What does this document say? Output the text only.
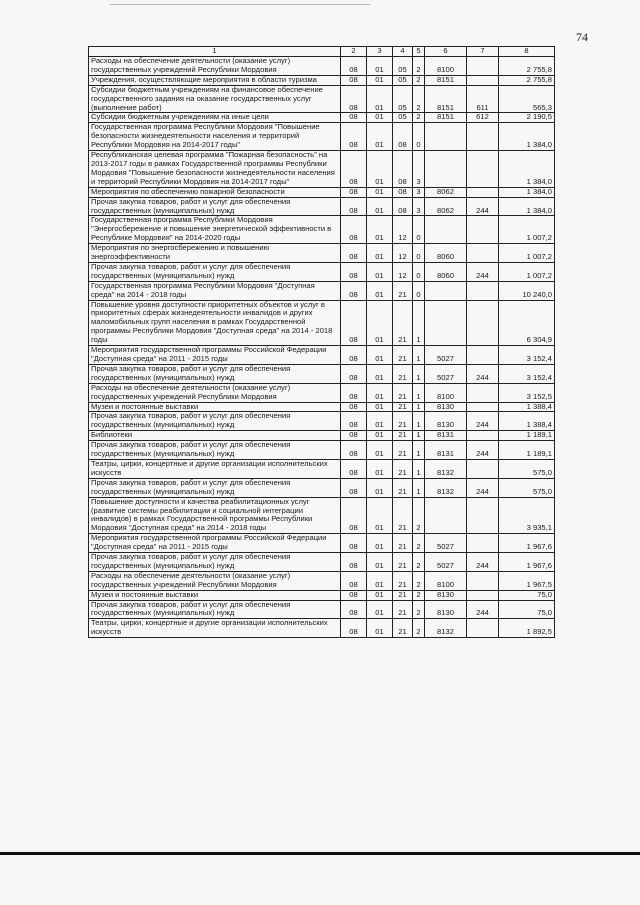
74
1	2	3	4	5	6	7	8
Расходы на обеспечение деятельности (оказание услуг) государственных учреждений Республики Мордовия	08	01	05	2	8100		2 755,8
Учреждения, осуществляющие мероприятия в области туризма	08	01	05	2	8151		2 755,8
Субсидии бюджетным учреждениям на финансовое обеспечение государственного задания на оказание государственных услуг (выполнение работ)	08	01	05	2	8151	611	565,3
Субсидии бюджетным учреждениям на иные цели	08	01	05	2	8151	612	2 190,5
Государственная программа Республики Мордовия "Повышение безопасности жизнедеятельности населения и территорий Республики Мордовия на 2014-2017 годы"	08	01	08	0			1 384,0
Республиканская целевая программа "Пожарная безопасность" на 2013-2017 годы в рамках Государственной программы Республики Мордовия "Повышение безопасности жизнедеятельности населения и территорий Республики Мордовия на 2014-2017 годы"	08	01	08	3			1 384,0
Мероприятия по обеспечению пожарной безопасности	08	01	08	3	8062		1 384,0
Прочая закупка товаров, работ и услуг для обеспечения государственных (муниципальных) нужд	08	01	08	3	8062	244	1 384,0
Государственная программа Республики Мордовия "Энергосбережение и повышение энергетической эффективности в Республике Мордовия" на 2014-2020 годы	08	01	12	0			1 007,2
Мероприятия по энергосбережению и повышению энергоэффективности	08	01	12	0	8060		1 007,2
Прочая закупка товаров, работ и услуг для обеспечения государственных (муниципальных) нужд	08	01	12	0	8060	244	1 007,2
Государственная программа Республики Мордовия "Доступная среда" на 2014 - 2018 годы	08	01	21	0			10 240,0
Повышение уровня доступности приоритетных объектов и услуг в приоритетных сферах жизнедеятельности инвалидов и других маломобильных групп населения в рамках Государственной программы Республики Мордовия "Доступная среда" на 2014 - 2018 годы	08	01	21	1			6 304,9
Мероприятия государственной программы Российской Федерации "Доступная среда" на 2011 - 2015 годы	08	01	21	1	5027		3 152,4
Прочая закупка товаров, работ и услуг для обеспечения государственных (муниципальных) нужд	08	01	21	1	5027	244	3 152,4
Расходы на обеспечение деятельности (оказание услуг) государственных учреждений Республики Мордовия	08	01	21	1	8100		3 152,5
Музеи и постоянные выставки	08	01	21	1	8130		1 388,4
Прочая закупка товаров, работ и услуг для обеспечения государственных (муниципальных) нужд	08	01	21	1	8130	244	1 388,4
Библиотеки	08	01	21	1	8131		1 189,1
Прочая закупка товаров, работ и услуг для обеспечения государственных (муниципальных) нужд	08	01	21	1	8131	244	1 189,1
Театры, цирки, концертные и другие организации исполнительских искусств	08	01	21	1	8132		575,0
Прочая закупка товаров, работ и услуг для обеспечения государственных (муниципальных) нужд	08	01	21	1	8132	244	575,0
Повышение доступности и качества реабилитационных услуг (развитие системы реабилитации и социальной интеграции инвалидов) в рамках Государственной программы Республики Мордовия "Доступная среда" на 2014 - 2018 годы	08	01	21	2			3 935,1
Мероприятия государственной программы Российской Федерации "Доступная среда" на 2011 - 2015 годы	08	01	21	2	5027		1 967,6
Прочая закупка товаров, работ и услуг для обеспечения государственных (муниципальных) нужд	08	01	21	2	5027	244	1 967,6
Расходы на обеспечение деятельности (оказание услуг) государственных учреждений Республики Мордовия	08	01	21	2	8100		1 967,5
Музеи и постоянные выставки	08	01	21	2	8130		75,0
Прочая закупка товаров, работ и услуг для обеспечения государственных (муниципальных) нужд	08	01	21	2	8130	244	75,0
Театры, цирки, концертные и другие организации исполнительских искусств	08	01	21	2	8132		1 892,5
